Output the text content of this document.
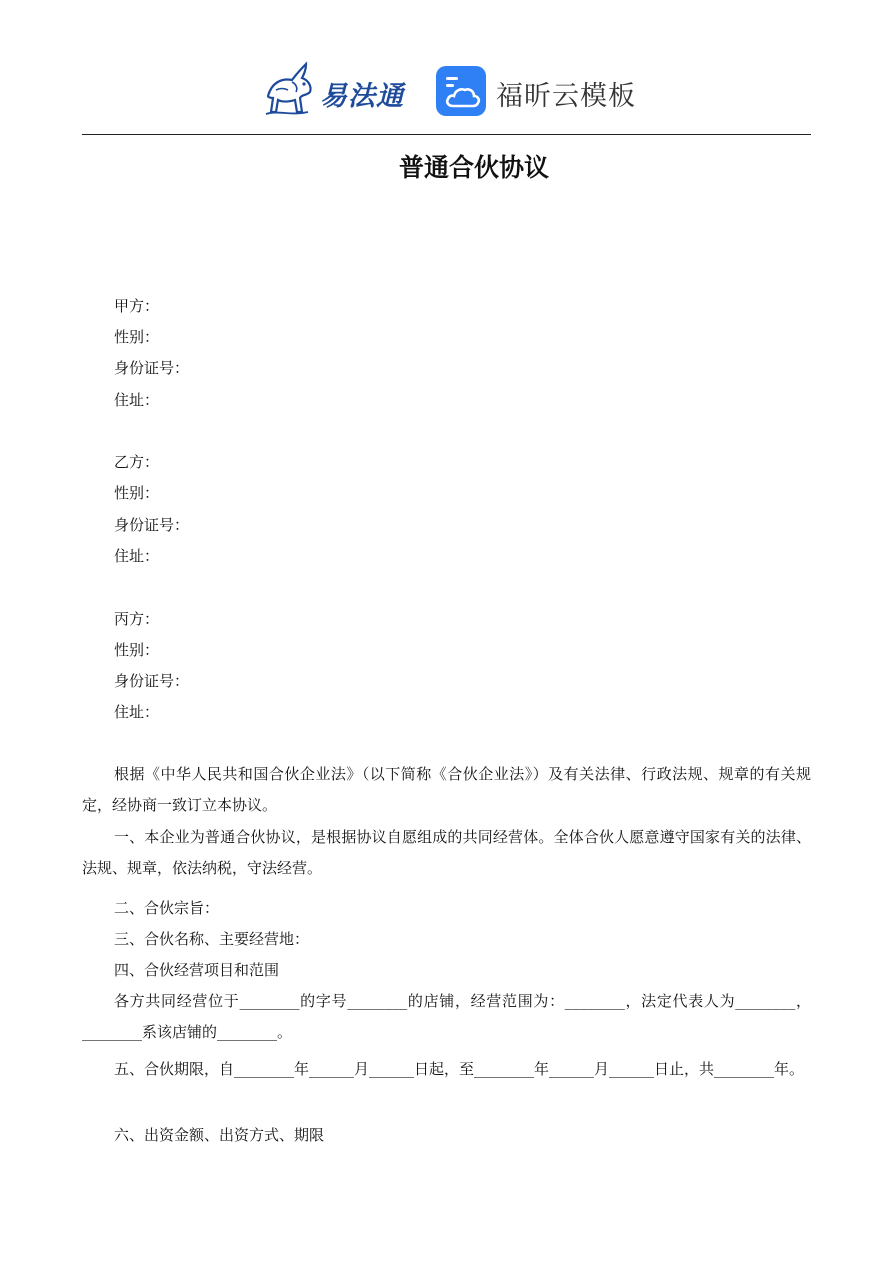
易法通	福昕云模板
普通合伙协议
甲方：
性别：
身份证号：
住址：
乙方：
性别：
身份证号：
住址：
丙方：
性别：
身份证号：
住址：
根据《中华人民共和国合伙企业法》（以下简称《合伙企业法》）及有关法律、行政法规、规章的有关规定，经协商一致订立本协议。
一、本企业为普通合伙协议，是根据协议自愿组成的共同经营体。全体合伙人愿意遵守国家有关的法律、法规、规章，依法纳税，守法经营。
二、合伙宗旨：
三、合伙名称、主要经营地：
四、合伙经营项目和范围
各方共同经营位于________的字号________的店铺，经营范围为：________，法定代表人为________，________系该店铺的________。
五、合伙期限，自________年______月______日起，至________年______月______日止，共________年。
六、出资金额、出资方式、期限
